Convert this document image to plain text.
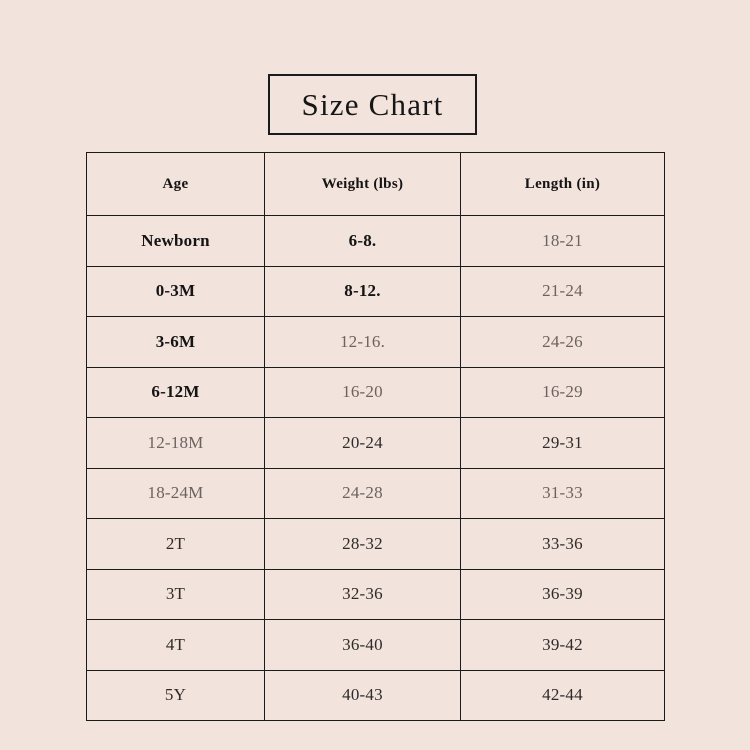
Size Chart
Age	Weight (lbs)	Length (in)
Newborn	6-8.	18-21
0-3M	8-12.	21-24
3-6M	12-16.	24-26
6-12M	16-20	16-29
12-18M	20-24	29-31
18-24M	24-28	31-33
2T	28-32	33-36
3T	32-36	36-39
4T	36-40	39-42
5Y	40-43	42-44
